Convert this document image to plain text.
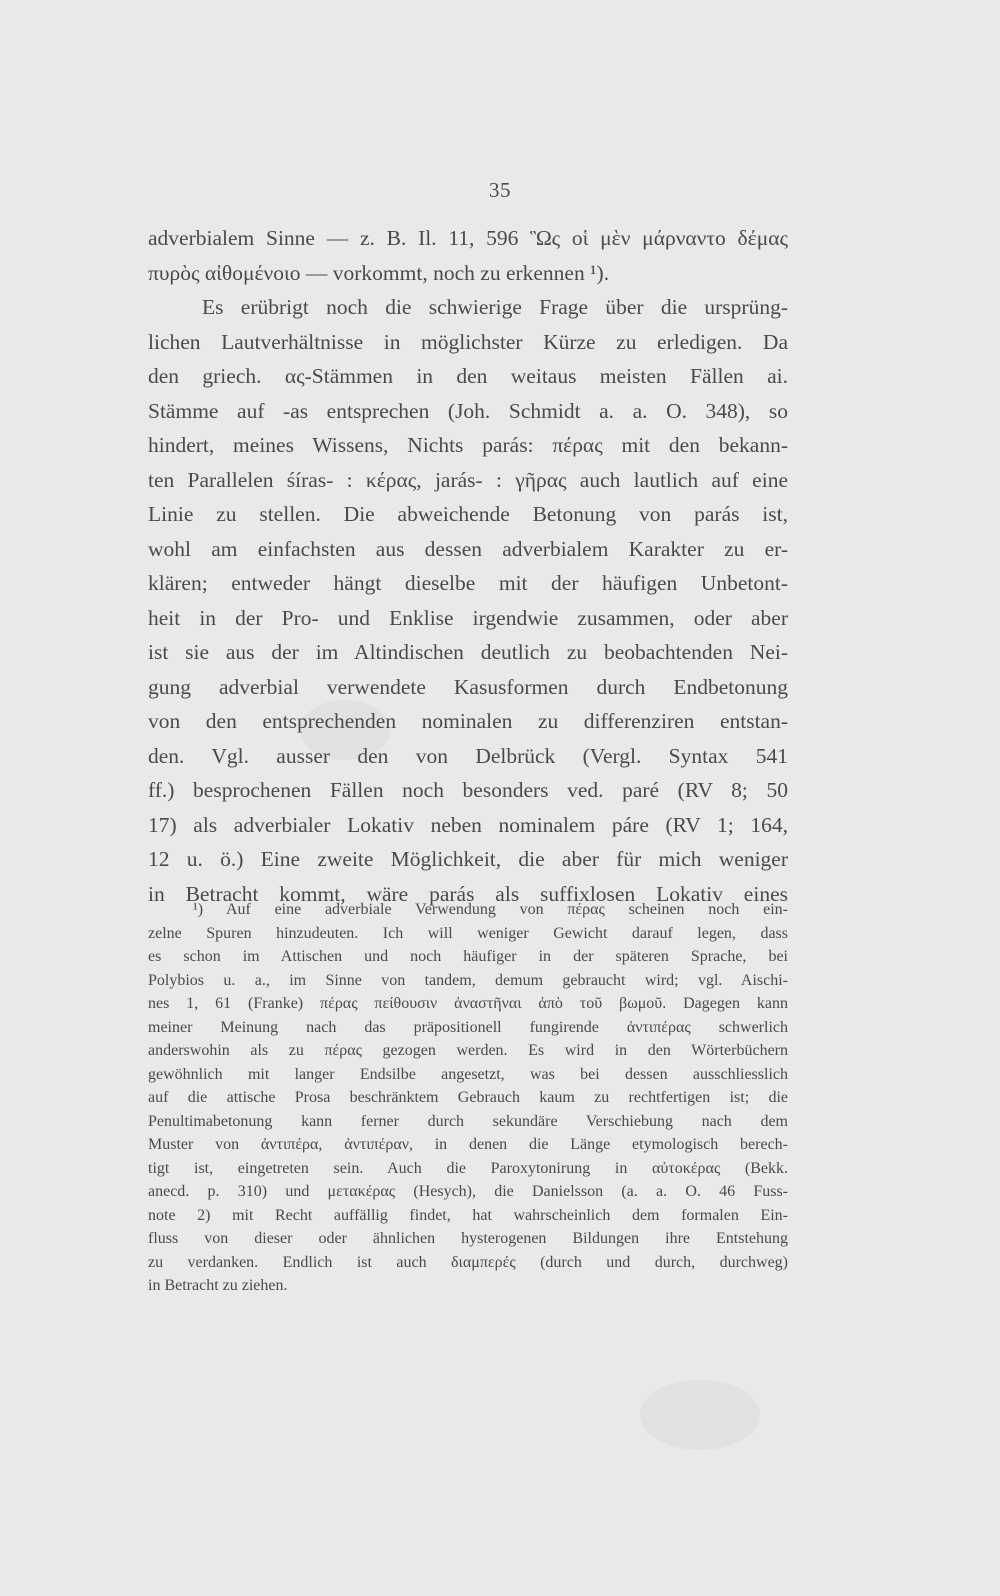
35
adverbialem Sinne — z. B. Il. 11, 596 Ὣς οἱ μὲν μάρναντο δέμας
πυρὸς αἰθομένοιο — vorkommt, noch zu erkennen ¹).
Es erübrigt noch die schwierige Frage über die ursprüng-
lichen Lautverhältnisse in möglichster Kürze zu erledigen. Da
den griech. ας-Stämmen in den weitaus meisten Fällen ai.
Stämme auf -as entsprechen (Joh. Schmidt a. a. O. 348), so
hindert, meines Wissens, Nichts parás: πέρας mit den bekann-
ten Parallelen śíras- : κέρας, jarás- : γῆρας auch lautlich auf eine
Linie zu stellen. Die abweichende Betonung von parás ist,
wohl am einfachsten aus dessen adverbialem Karakter zu er-
klären; entweder hängt dieselbe mit der häufigen Unbetont-
heit in der Pro- und Enklise irgendwie zusammen, oder aber
ist sie aus der im Altindischen deutlich zu beobachtenden Nei-
gung adverbial verwendete Kasusformen durch Endbetonung
von den entsprechenden nominalen zu differenziren entstan-
den. Vgl. ausser den von Delbrück (Vergl. Syntax 541
ff.) besprochenen Fällen noch besonders ved. paré (RV 8; 50
17) als adverbialer Lokativ neben nominalem páre (RV 1; 164,
12 u. ö.) Eine zweite Möglichkeit, die aber für mich weniger
in Betracht kommt, wäre parás als suffixlosen Lokativ eines
¹) Auf eine adverbiale Verwendung von πέρας scheinen noch ein-
zelne Spuren hinzudeuten. Ich will weniger Gewicht darauf legen, dass
es schon im Attischen und noch häufiger in der späteren Sprache, bei
Polybios u. a., im Sinne von tandem, demum gebraucht wird; vgl. Aischi-
nes 1, 61 (Franke) πέρας πείθουσιν ἀναστῆναι ἀπὸ τοῦ βωμοῦ. Dagegen kann
meiner Meinung nach das präpositionell fungirende ἀντιπέρας schwerlich
anderswohin als zu πέρας gezogen werden. Es wird in den Wörterbüchern
gewöhnlich mit langer Endsilbe angesetzt, was bei dessen ausschliesslich
auf die attische Prosa beschränktem Gebrauch kaum zu rechtfertigen ist; die
Penultimabetonung kann ferner durch sekundäre Verschiebung nach dem
Muster von ἀντιπέρα, ἀντιπέραν, in denen die Länge etymologisch berech-
tigt ist, eingetreten sein. Auch die Paroxytonirung in αὐτοκέρας (Bekk.
anecd. p. 310) und μετακέρας (Hesych), die Danielsson (a. a. O. 46 Fuss-
note 2) mit Recht auffällig findet, hat wahrscheinlich dem formalen Ein-
fluss von dieser oder ähnlichen hysterogenen Bildungen ihre Entstehung
zu verdanken. Endlich ist auch διαμπερές (durch und durch, durchweg)
in Betracht zu ziehen.
